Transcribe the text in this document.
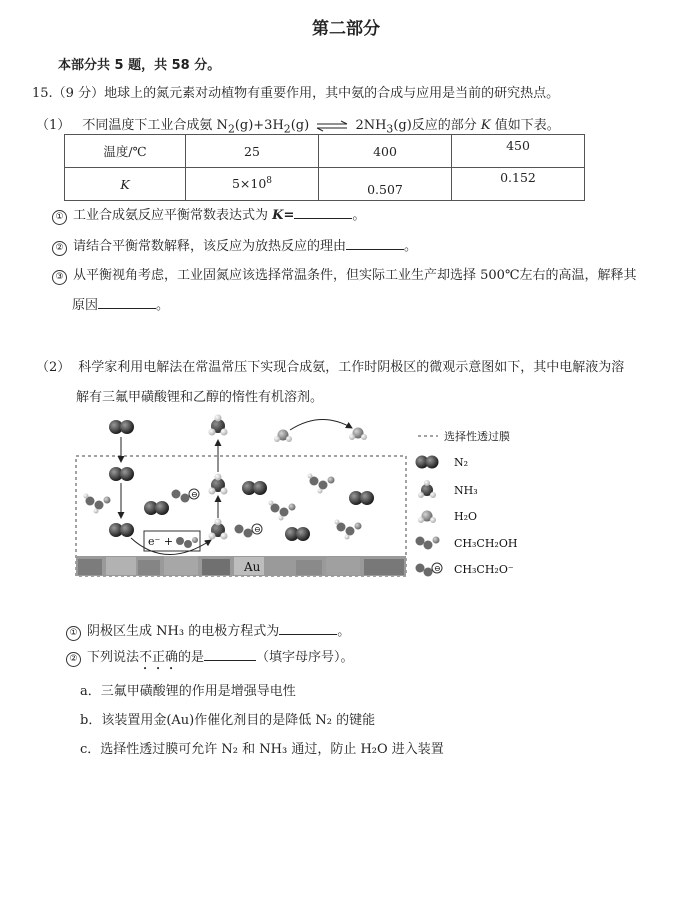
第二部分
本部分共 5 题，共 58 分。
15.（9 分）地球上的氮元素对动植物有重要作用，其中氨的合成与应用是当前的研究热点。
（1） 不同温度下工业合成氨 $N_2(g)+3H_2(g)$ ⇌ $2NH_3(g)$反应的部分 K 值如下表。
温度/℃	25	400	450
K	$5\times 10^8$	0.507	0.152
① 工业合成氨反应平衡常数表达式为 K=	。
② 请结合平衡常数解释，该反应为放热反应的理由	。
③ 从平衡视角考虑，工业固氮应该选择常温条件，但实际工业生产却选择 500℃左右的高温，解释其
原因	。
（2） 科学家利用电解法在常温常压下实现合成氨，工作时阴极区的微观示意图如下，其中电解液为溶
解有三氟甲磺酸锂和乙醇的惰性有机溶剂。
Au
⊖
⊖
e⁻ +
选择性透过膜
N₂
NH₃
H₂O
CH₃CH₂OH
⊖ CH₃CH₂O⁻
① 阴极区生成 NH₃ 的电极方程式为	。
② 下列说法不正确的是	（填字母序号）。
a．三氟甲磺酸锂的作用是增强导电性
b．该装置用金(Au)作催化剂目的是降低 N₂ 的键能
c．选择性透过膜可允许 N₂ 和 NH₃ 通过，防止 H₂O 进入装置
